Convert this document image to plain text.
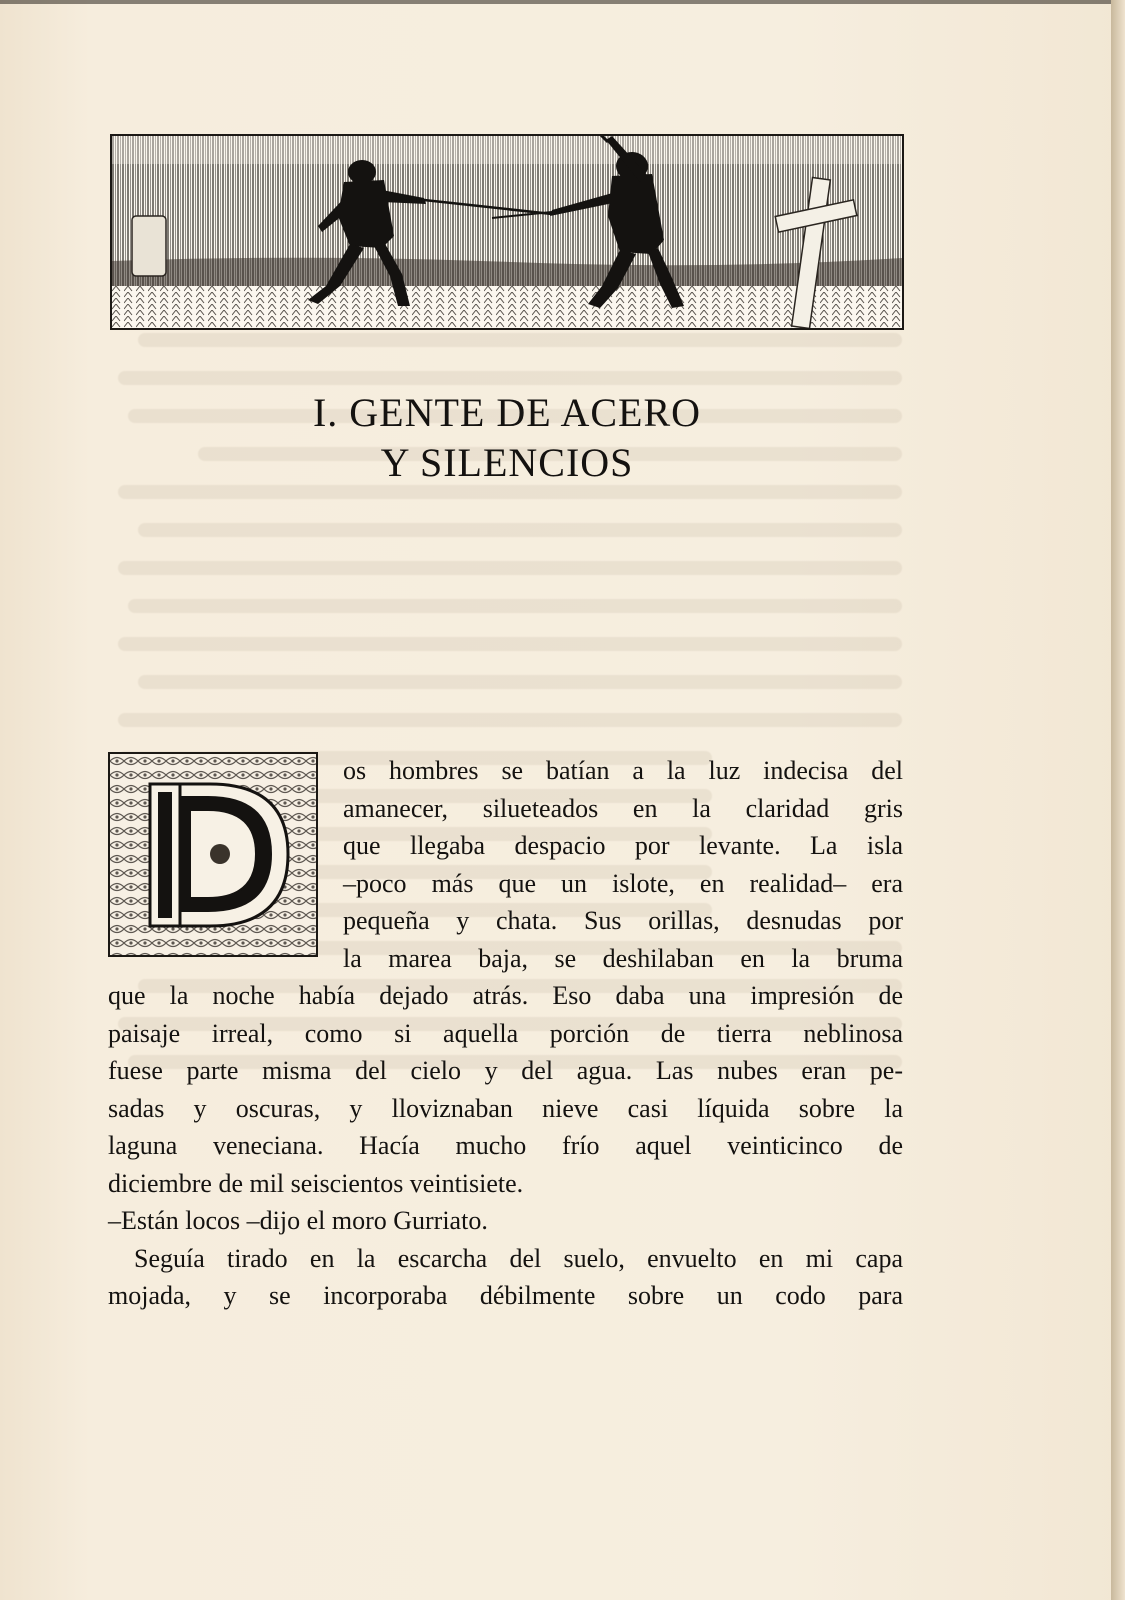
I. GENTE DE ACERO
Y SILENCIOS
os hombres se batían a la luz indecisa del
amanecer, silueteados en la claridad gris
que llegaba despacio por levante. La isla
–poco más que un islote, en realidad– era
pequeña y chata. Sus orillas, desnudas por
la marea baja, se deshilaban en la bruma
que la noche había dejado atrás. Eso daba una impresión de
paisaje irreal, como si aquella porción de tierra neblinosa
fuese parte misma del cielo y del agua. Las nubes eran pe-
sadas y oscuras, y lloviznaban nieve casi líquida sobre la
laguna veneciana. Hacía mucho frío aquel veinticinco de
diciembre de mil seiscientos veintisiete.
–Están locos –dijo el moro Gurriato.
Seguía tirado en la escarcha del suelo, envuelto en mi capa
mojada, y se incorporaba débilmente sobre un codo para
